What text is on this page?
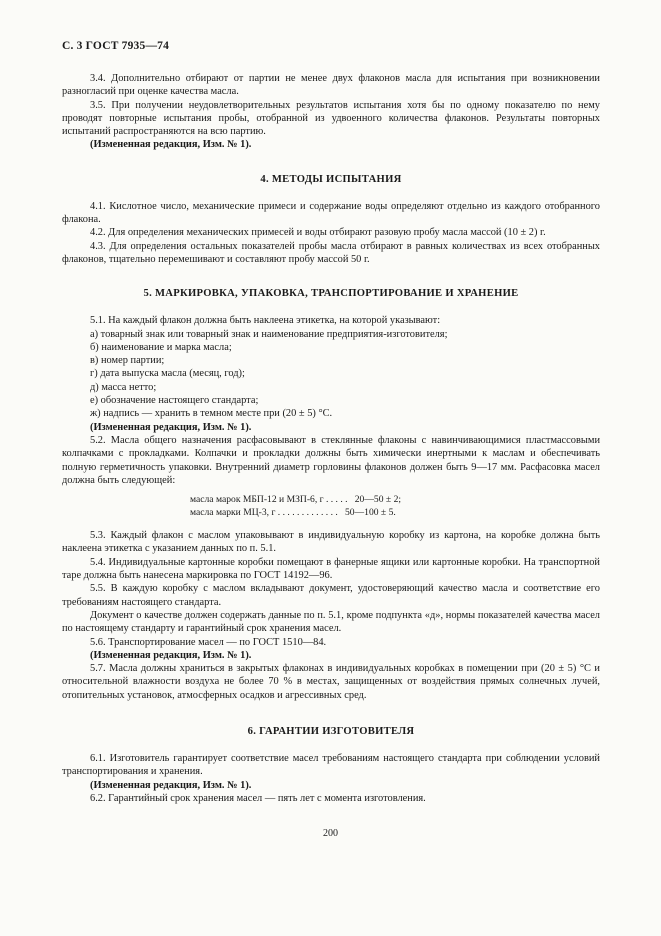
С. 3 ГОСТ 7935—74

3.4. Дополнительно отбирают от партии не менее двух флаконов масла для испытания при возникновении разногласий при оценке качества масла.

3.5. При получении неудовлетворительных результатов испытания хотя бы по одному показателю по нему проводят повторные испытания пробы, отобранной из удвоенного количества флаконов. Результаты повторных испытаний распространяются на всю партию.

(Измененная редакция, Изм. № 1).

4. МЕТОДЫ ИСПЫТАНИЯ

4.1. Кислотное число, механические примеси и содержание воды определяют отдельно из каждого отобранного флакона.

4.2. Для определения механических примесей и воды отбирают разовую пробу масла массой (10 ± 2) г.

4.3. Для определения остальных показателей пробы масла отбирают в равных количествах из всех отобранных флаконов, тщательно перемешивают и составляют пробу массой 50 г.

5. МАРКИРОВКА, УПАКОВКА, ТРАНСПОРТИРОВАНИЕ И ХРАНЕНИЕ

5.1. На каждый флакон должна быть наклеена этикетка, на которой указывают:

а) товарный знак или товарный знак и наименование предприятия-изготовителя;

б) наименование и марка масла;

в) номер партии;

г) дата выпуска масла (месяц, год);

д) масса нетто;

е) обозначение настоящего стандарта;

ж) надпись — хранить в темном месте при (20 ± 5) °С.

(Измененная редакция, Изм. № 1).

5.2. Масла общего назначения расфасовывают в стеклянные флаконы с навинчивающимися пластмассовыми колпачками с прокладками. Колпачки и прокладки должны быть химически инертными к маслам и обеспечивать полную герметичность упаковки. Внутренний диаметр горловины флаконов должен быть 9—17 мм. Расфасовка масел должна быть следующей:

масла марок МБП-12 и МЗП-6, г . . . . .   20—50 ± 2;
масла марки МЦ-3, г . . . . . . . . . . . . .   50—100 ± 5.

5.3. Каждый флакон с маслом упаковывают в индивидуальную коробку из картона, на коробке должна быть наклеена этикетка с указанием данных по п. 5.1.

5.4. Индивидуальные картонные коробки помещают в фанерные ящики или картонные коробки. На транспортной таре должна быть нанесена маркировка по ГОСТ 14192—96.

5.5. В каждую коробку с маслом вкладывают документ, удостоверяющий качество масла и соответствие его требованиям настоящего стандарта.

Документ о качестве должен содержать данные по п. 5.1, кроме подпункта «д», нормы показателей качества масел по настоящему стандарту и гарантийный срок хранения масел.

5.6. Транспортирование масел — по ГОСТ 1510—84.

(Измененная редакция, Изм. № 1).

5.7. Масла должны храниться в закрытых флаконах в индивидуальных коробках в помещении при (20 ± 5) °С и относительной влажности воздуха не более 70 % в местах, защищенных от воздействия прямых солнечных лучей, отопительных установок, атмосферных осадков и агрессивных сред.

6. ГАРАНТИИ ИЗГОТОВИТЕЛЯ

6.1. Изготовитель гарантирует соответствие масел требованиям настоящего стандарта при соблюдении условий транспортирования и хранения.

(Измененная редакция, Изм. № 1).

6.2. Гарантийный срок хранения масел — пять лет с момента изготовления.

200
